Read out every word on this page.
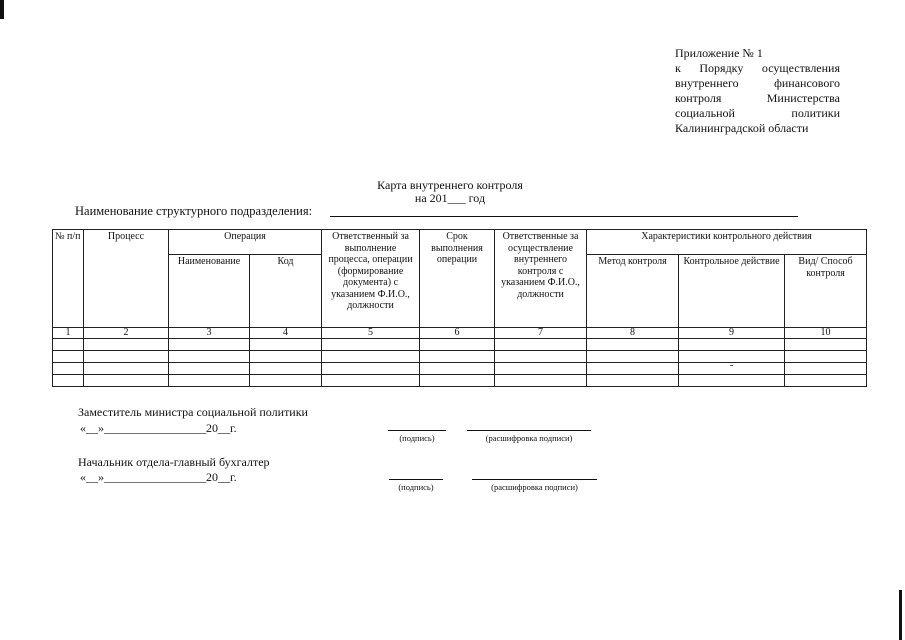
Приложение № 1
к Порядку осуществления
внутреннего финансового
контроля Министерства
социальной политики
Калининградской области
Карта внутреннего контроля
на 201___ год
Наименование структурного подразделения:
№ п/п	Процесс	Операция		Ответственный за выполнение процесса, операции (формирование документа) с указанием Ф.И.О., должности	Срок выполнения операции	Ответственные за осуществление внутреннего контроля с указанием Ф.И.О., должности	Характеристики контрольного действия		
		Наименование	Код				Метод контроля	Контрольное действие	Вид/ Способ контроля
1	2	3	4	5	6	7	8	9	10

								-	

Заместитель министра социальной политики
«__»_________________20__г.
(подпись)	(расшифровка подписи)
Начальник отдела-главный бухгалтер
«__»_________________20__г.
(подпись)	(расшифровка подписи)
